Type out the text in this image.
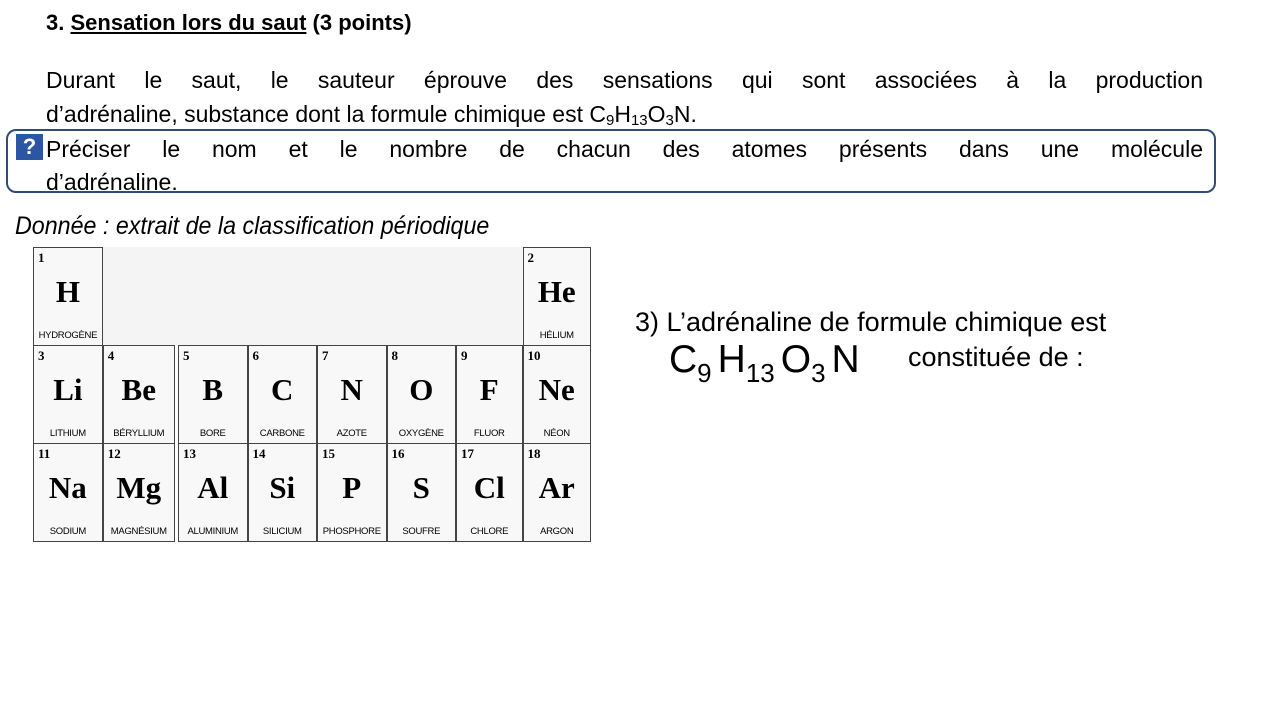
3. Sensation lors du saut (3 points)
Durant le saut, le sauteur éprouve des sensations qui sont associées à la production
d’adrénaline, substance dont la formule chimique est $C_9H_{13}O_3N$.
? Préciser le nom et le nombre de chacun des atomes présents dans une molécule
d’adrénaline.
Donnée : extrait de la classification périodique
1
H
HYDROGÈNE
2
He
HÉLIUM
3
Li
LITHIUM
4
Be
BÉRYLLIUM
5
B
BORE
6
C
CARBONE
7
N
AZOTE
8
O
OXYGÈNE
9
F
FLUOR
10
Ne
NÉON
11
Na
SODIUM
12
Mg
MAGNÉSIUM
13
Al
ALUMINIUM
14
Si
SILICIUM
15
P
PHOSPHORE
16
S
SOUFRE
17
Cl
CHLORE
18
Ar
ARGON
3) L’adrénaline de formule chimique est
$C_9$ $H_{13}$ $O_3$ N constituée de :
